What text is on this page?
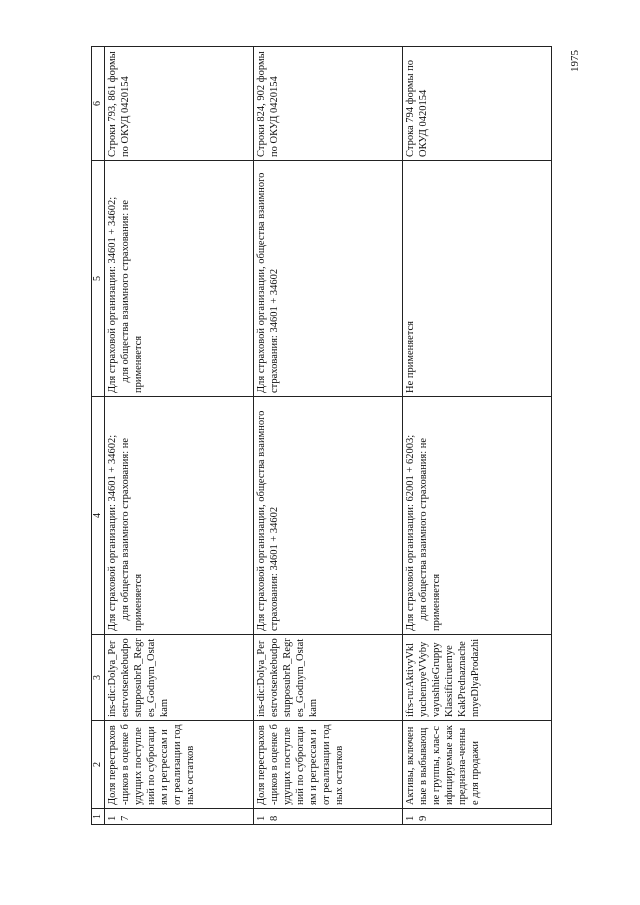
1	2	3	4	5	6
17	Доля перестрахов-щиков в оценке будущих поступлений по суброгациям и регрессам и от реализации годных остатков	ins-dic:Dolya_PerestrvotsenkebudpostupposubrR_Regres_Godnym_Ostatkam	Для страховой организации: 34601 + 34602;
для общества взаимного страхования: не применяется	Для страховой организации: 34601 + 34602;
для общества взаимного страхования: не применяется	Строки 793, 861 формы по ОКУД 0420154
18	Доля перестрахов-щиков в оценке будущих поступлений по суброгациям и регрессам и от реализации годных остатков	ins-dic:Dolya_PerestrvotsenkebudpostupposubrR_Regres_Godnym_Ostatkam	Для страховой организации, общества взаимного страхования: 34601 + 34602	Для страховой организации, общества взаимного страхования: 34601 + 34602	Строки 824, 902 формы по ОКУД 0420154
19	Активы, включенные в выбывающие группы, клас-сифицируемые как предназна-ченные для продажи	ifrs-ru:AktivyVklyuchennyeVVybyvayushhieGruppyKlassificiruemyeKakPrednaznachennyeDlyaProdazhi	Для страховой организации: 62001 + 62003;
для общества взаимного страхования: не применяется	Не применяется	Строка 794 формы по ОКУД 0420154
1975
